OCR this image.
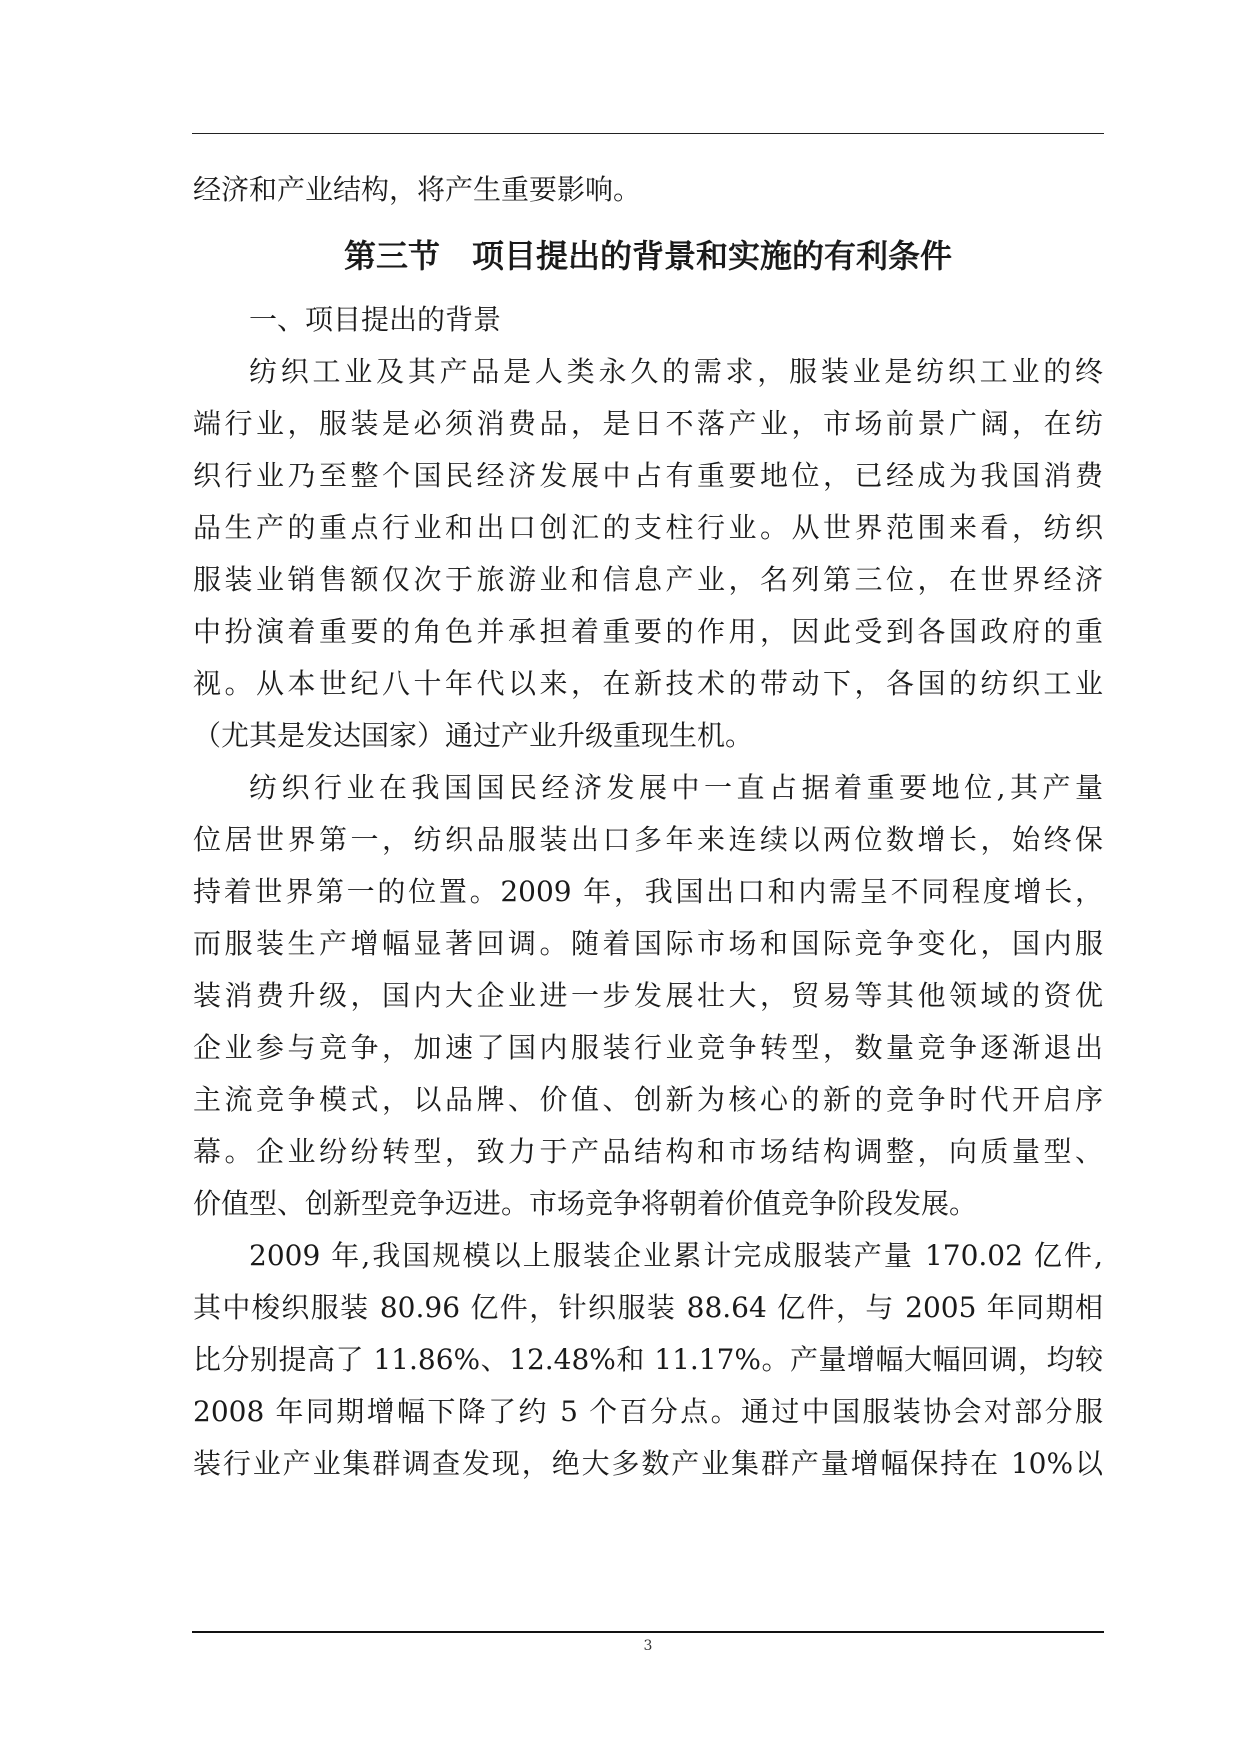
经济和产业结构，将产生重要影响。
第三节　项目提出的背景和实施的有利条件
一、项目提出的背景
纺织工业及其产品是人类永久的需求，服装业是纺织工业的终
端行业，服装是必须消费品，是日不落产业，市场前景广阔，在纺
织行业乃至整个国民经济发展中占有重要地位，已经成为我国消费
品生产的重点行业和出口创汇的支柱行业。从世界范围来看，纺织
服装业销售额仅次于旅游业和信息产业，名列第三位，在世界经济
中扮演着重要的角色并承担着重要的作用，因此受到各国政府的重
视。从本世纪八十年代以来，在新技术的带动下，各国的纺织工业
（尤其是发达国家）通过产业升级重现生机。
纺织行业在我国国民经济发展中一直占据着重要地位,其产量
位居世界第一，纺织品服装出口多年来连续以两位数增长，始终保
持着世界第一的位置。2009 年，我国出口和内需呈不同程度增长，
而服装生产增幅显著回调。随着国际市场和国际竞争变化，国内服
装消费升级，国内大企业进一步发展壮大，贸易等其他领域的资优
企业参与竞争，加速了国内服装行业竞争转型，数量竞争逐渐退出
主流竞争模式，以品牌、价值、创新为核心的新的竞争时代开启序
幕。企业纷纷转型，致力于产品结构和市场结构调整，向质量型、
价值型、创新型竞争迈进。市场竞争将朝着价值竞争阶段发展。
2009 年,我国规模以上服装企业累计完成服装产量 170.02 亿件,
其中梭织服装 80.96 亿件，针织服装 88.64 亿件，与 2005 年同期相
比分别提高了 11.86%、12.48%和 11.17%。产量增幅大幅回调，均较
2008 年同期增幅下降了约 5 个百分点。通过中国服装协会对部分服
装行业产业集群调查发现，绝大多数产业集群产量增幅保持在 10%以
3
